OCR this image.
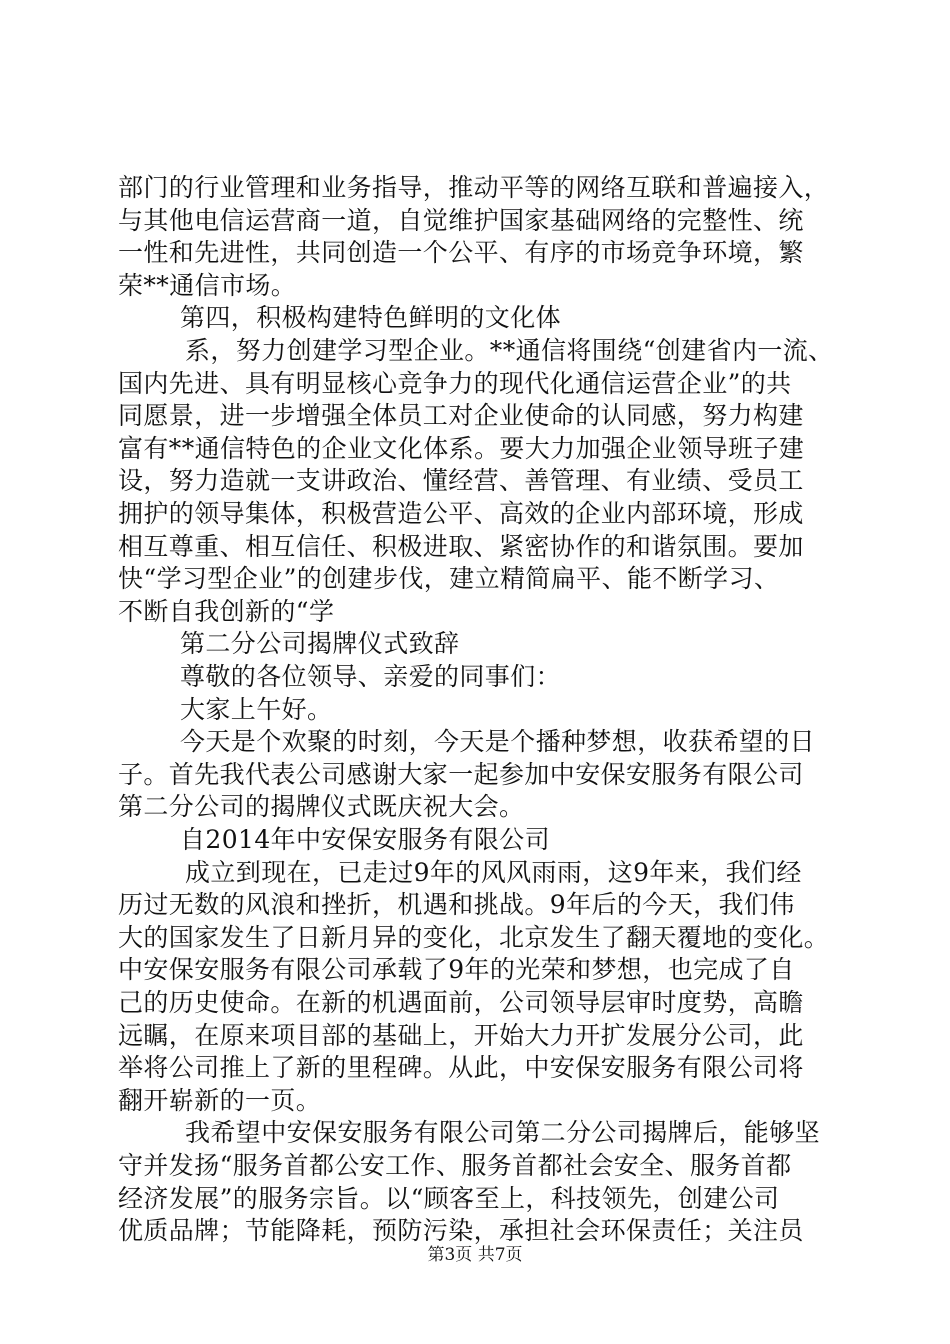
部门的行业管理和业务指导，推动平等的网络互联和普遍接入，
与其他电信运营商一道，自觉维护国家基础网络的完整性、统
一性和先进性，共同创造一个公平、有序的市场竞争环境，繁
荣**通信市场。
第四，积极构建特色鲜明的文化体
系，努力创建学习型企业。**通信将围绕“创建省内一流、
国内先进、具有明显核心竞争力的现代化通信运营企业”的共
同愿景，进一步增强全体员工对企业使命的认同感，努力构建
富有**通信特色的企业文化体系。要大力加强企业领导班子建
设，努力造就一支讲政治、懂经营、善管理、有业绩、受员工
拥护的领导集体，积极营造公平、高效的企业内部环境，形成
相互尊重、相互信任、积极进取、紧密协作的和谐氛围。要加
快“学习型企业”的创建步伐，建立精简扁平、能不断学习、
不断自我创新的“学
第二分公司揭牌仪式致辞
尊敬的各位领导、亲爱的同事们：
大家上午好。
今天是个欢聚的时刻，今天是个播种梦想，收获希望的日
子。首先我代表公司感谢大家一起参加中安保安服务有限公司
第二分公司的揭牌仪式既庆祝大会。
自2014年中安保安服务有限公司
成立到现在，已走过9年的风风雨雨，这9年来，我们经
历过无数的风浪和挫折，机遇和挑战。9年后的今天，我们伟
大的国家发生了日新月异的变化，北京发生了翻天覆地的变化。
中安保安服务有限公司承载了9年的光荣和梦想，也完成了自
己的历史使命。在新的机遇面前，公司领导层审时度势，高瞻
远瞩，在原来项目部的基础上，开始大力开扩发展分公司，此
举将公司推上了新的里程碑。从此，中安保安服务有限公司将
翻开崭新的一页。
我希望中安保安服务有限公司第二分公司揭牌后，能够坚
守并发扬“服务首都公安工作、服务首都社会安全、服务首都
经济发展”的服务宗旨。以“顾客至上，科技领先，创建公司
优质品牌；节能降耗，预防污染，承担社会环保责任；关注员
第3页 共7页
